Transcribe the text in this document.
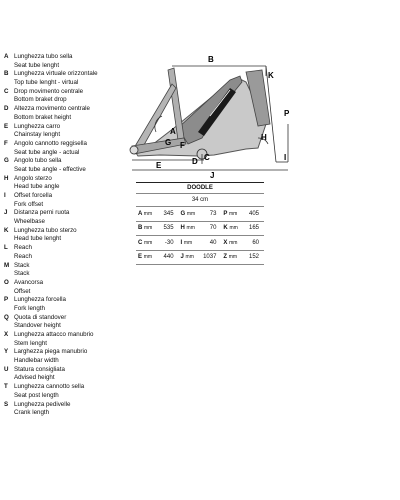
A Lunghezza tubo sella
Seat tube lenght
B Lunghezza virtuale orizzontale
Top tube lenght - virtual
C Drop movimento centrale
Bottom braket drop
D Altezza movimento centrale
Bottom braket height
E Lunghezza carro
Chainstay lenght
F	Angolo cannotto reggisella
Seat tube angle - actual
G Angolo tubo sella
Seat tube angle - effective
H Angolo sterzo
Head tube angle
I	Offset forcella
Fork offset
J	Distanza perni ruota
Wheelbase
K Lunghezza tubo sterzo
Head tube lenght
L	Reach
Reach
M Stack
Stack
O Avancorsa
Offset
P Lunghezza forcella
Fork length
Q Quota di standover
Standover height
X Lunghezza attacco manubrio
Stem lenght
Y Larghezza piega manubrio
Handlebar width
U Statura consigliata
Advised height
T	Lunghezza cannotto sella
Seat post length
S Lunghezza pedivelle
Crank length
B
K
P
A
F
G
H
D C	I
E
J
DOODLE
34 cm
A mm	345	G mm	73	P mm	405
B mm	535	H mm	70	K mm	165
C mm	-30	I mm	40	X mm	60
E mm	440	J mm	1037	Z mm	152
